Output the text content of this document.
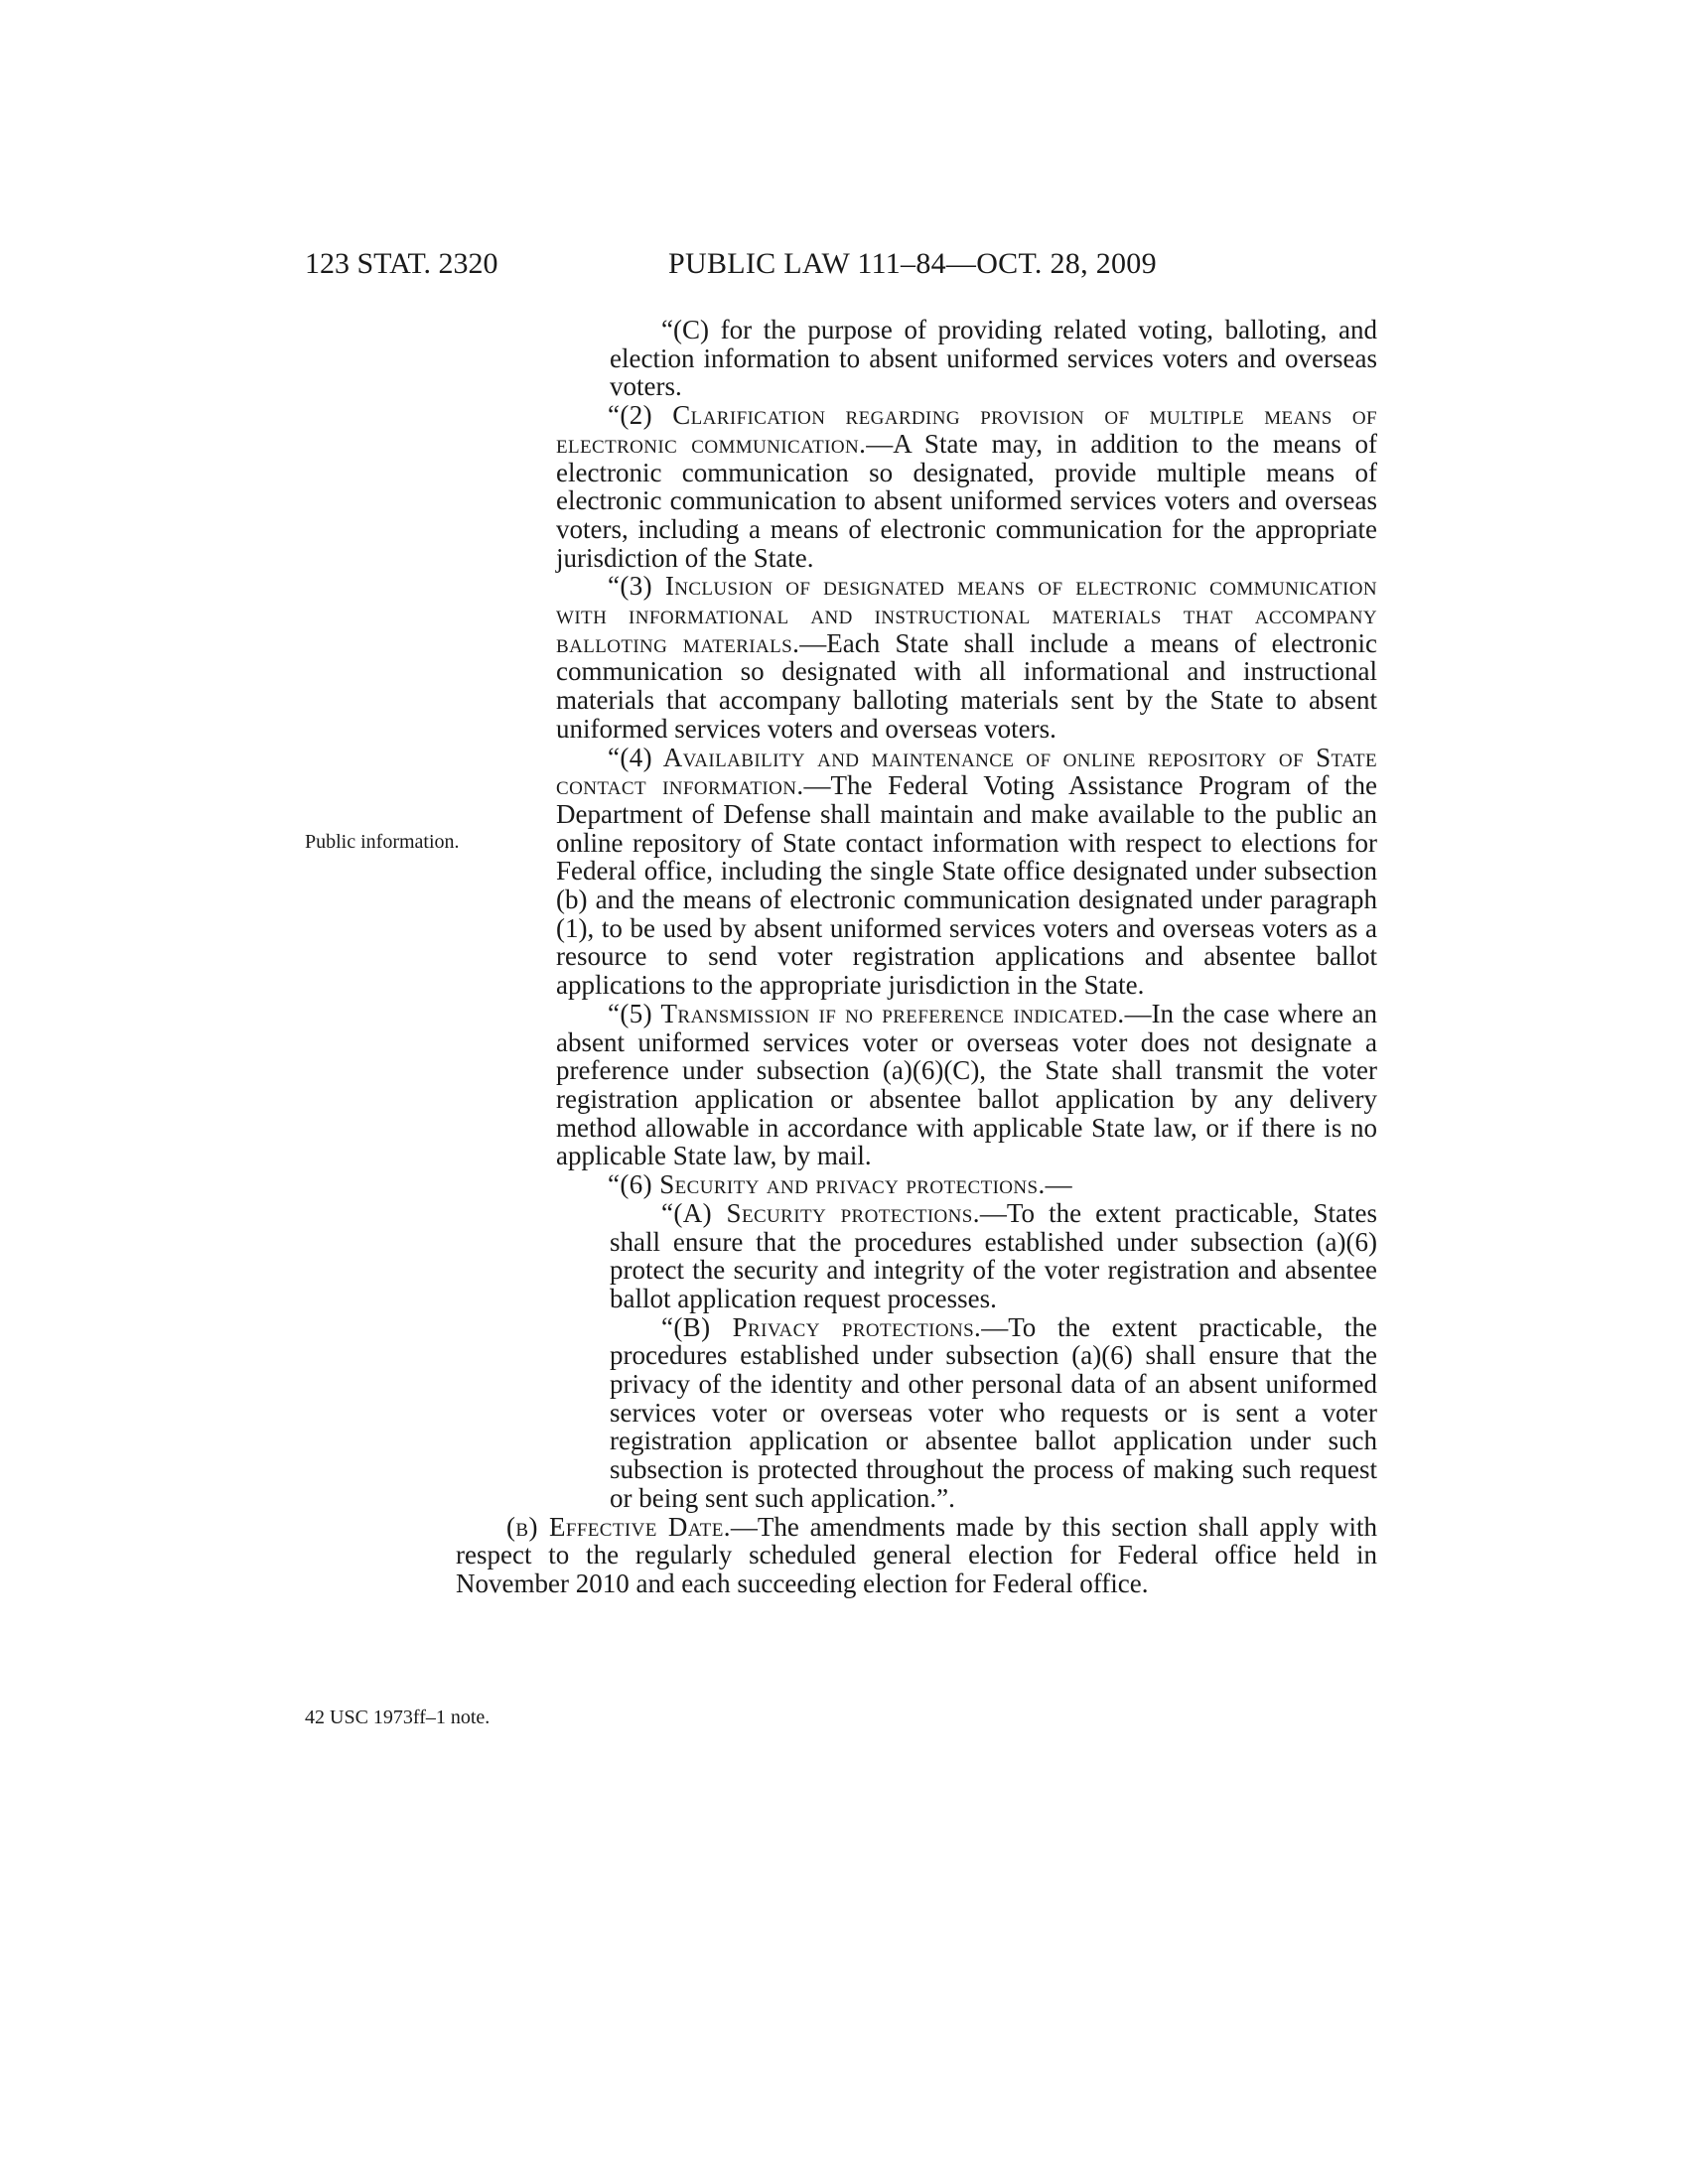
123 STAT. 2320	PUBLIC LAW 111–84—OCT. 28, 2009
Public information.
42 USC 1973ff–1 note.

“(C) for the purpose of providing related voting, balloting, and election information to absent uniformed services voters and overseas voters.

“(2) Clarification regarding provision of multiple means of electronic communication.—A State may, in addition to the means of electronic communication so designated, provide multiple means of electronic communication to absent uniformed services voters and overseas voters, including a means of electronic communication for the appropriate jurisdiction of the State.

“(3) Inclusion of designated means of electronic communication with informational and instructional materials that accompany balloting materials.—Each State shall include a means of electronic communication so designated with all informational and instructional materials that accompany balloting materials sent by the State to absent uniformed services voters and overseas voters.

“(4) Availability and maintenance of online repository of State contact information.—The Federal Voting Assistance Program of the Department of Defense shall maintain and make available to the public an online repository of State contact information with respect to elections for Federal office, including the single State office designated under subsection (b) and the means of electronic communication designated under paragraph (1), to be used by absent uniformed services voters and overseas voters as a resource to send voter registration applications and absentee ballot applications to the appropriate jurisdiction in the State.

“(5) Transmission if no preference indicated.—In the case where an absent uniformed services voter or overseas voter does not designate a preference under subsection (a)(6)(C), the State shall transmit the voter registration application or absentee ballot application by any delivery method allowable in accordance with applicable State law, or if there is no applicable State law, by mail.

“(6) Security and privacy protections.—

“(A) Security protections.—To the extent practicable, States shall ensure that the procedures established under subsection (a)(6) protect the security and integrity of the voter registration and absentee ballot application request processes.

“(B) Privacy protections.—To the extent practicable, the procedures established under subsection (a)(6) shall ensure that the privacy of the identity and other personal data of an absent uniformed services voter or overseas voter who requests or is sent a voter registration application or absentee ballot application under such subsection is protected throughout the process of making such request or being sent such application.”.

(b) Effective Date.—The amendments made by this section shall apply with respect to the regularly scheduled general election for Federal office held in November 2010 and each succeeding election for Federal office.
